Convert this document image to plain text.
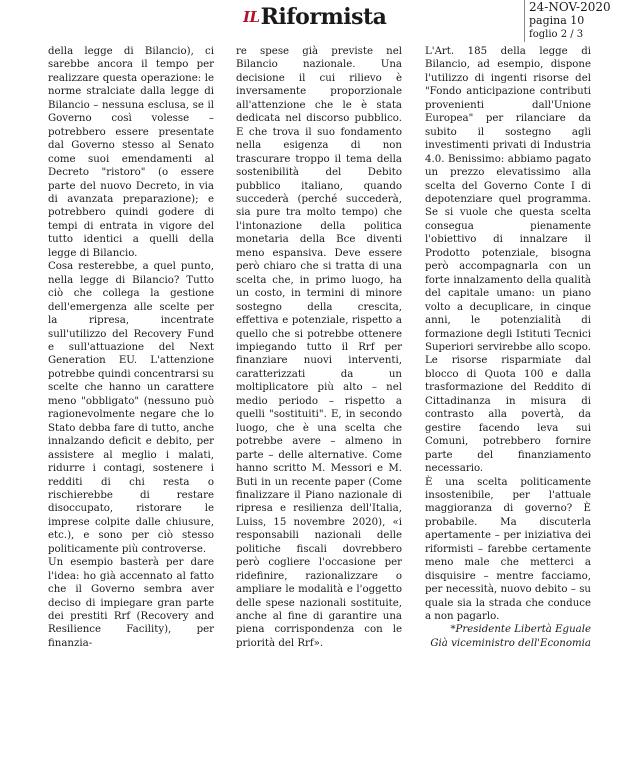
ILRiformista	24-NOV-2020
pagina 10
foglio 2 / 3

della legge di Bilancio), ci sarebbe ancora il tempo per realizzare questa operazione: le norme stralciate dalla legge di Bilancio – nessuna esclusa, se il Governo così volesse – potrebbero essere presentate dal Governo stesso al Senato come suoi emendamenti al Decreto "ristoro" (o essere parte del nuovo Decreto, in via di avanzata preparazione); e potrebbero quindi godere di tempi di entrata in vigore del tutto identici a quelli della legge di Bilancio.

Cosa resterebbe, a quel punto, nella legge di Bilancio? Tutto ciò che collega la gestione dell'emergenza alle scelte per la ripresa, incentrate sull'utilizzo del Recovery Fund e sull'attuazione del Next Generation EU. L'attenzione potrebbe quindi concentrarsi su scelte che hanno un carattere meno "obbligato" (nessuno può ragionevolmente negare che lo Stato debba fare di tutto, anche innalzando deficit e debito, per assistere al meglio i malati, ridurre i contagi, sostenere i redditi di chi resta o rischierebbe di restare disoccupato, ristorare le imprese colpite dalle chiusure, etc.), e sono per ciò stesso politicamente più controverse.

Un esempio basterà per dare l'idea: ho già accennato al fatto che il Governo sembra aver deciso di impiegare gran parte dei prestiti Rrf (Recovery and Resilience Facility), per finanzia-

re spese già previste nel Bilancio nazionale. Una decisione il cui rilievo è inversamente proporzionale all'attenzione che le è stata dedicata nel discorso pubblico. E che trova il suo fondamento nella esigenza di non trascurare troppo il tema della sostenibilità del Debito pubblico italiano, quando succederà (perché succederà, sia pure tra molto tempo) che l'intonazione della politica monetaria della Bce diventi meno espansiva. Deve essere però chiaro che si tratta di una scelta che, in primo luogo, ha un costo, in termini di minore sostegno della crescita, effettiva e potenziale, rispetto a quello che si potrebbe ottenere impiegando tutto il Rrf per finanziare nuovi interventi, caratterizzati da un moltiplicatore più alto – nel medio periodo – rispetto a quelli "sostituiti". E, in secondo luogo, che è una scelta che potrebbe avere – almeno in parte – delle alternative. Come hanno scritto M. Messori e M. Buti in un recente paper (Come finalizzare il Piano nazionale di ripresa e resilienza dell'Italia, Luiss, 15 novembre 2020), «i responsabili nazionali delle politiche fiscali dovrebbero però cogliere l'occasione per ridefinire, razionalizzare o ampliare le modalità e l'oggetto delle spese nazionali sostituite, anche al fine di garantire una piena corrispondenza con le priorità del Rrf».

L'Art. 185 della legge di Bilancio, ad esempio, dispone l'utilizzo di ingenti risorse del "Fondo anticipazione contributi provenienti dall'Unione Europea" per rilanciare da subito il sostegno agli investimenti privati di Industria 4.0. Benissimo: abbiamo pagato un prezzo elevatissimo alla scelta del Governo Conte I di depotenziare quel programma. Se si vuole che questa scelta consegua pienamente l'obiettivo di innalzare il Prodotto potenziale, bisogna però accompagnarla con un forte innalzamento della qualità del capitale umano: un piano volto a decuplicare, in cinque anni, le potenzialità di formazione degli Istituti Tecnici Superiori servirebbe allo scopo. Le risorse risparmiate dal blocco di Quota 100 e dalla trasformazione del Reddito di Cittadinanza in misura di contrasto alla povertà, da gestire facendo leva sui Comuni, potrebbero fornire parte del finanziamento necessario.

È una scelta politicamente insostenibile, per l'attuale maggioranza di governo? È probabile. Ma discuterla apertamente – per iniziativa dei riformisti – farebbe certamente meno male che metterci a disquisire – mentre facciamo, per necessità, nuovo debito – su quale sia la strada che conduce a non pagarlo.

*Presidente Libertà Eguale

Già viceministro dell'Economia
